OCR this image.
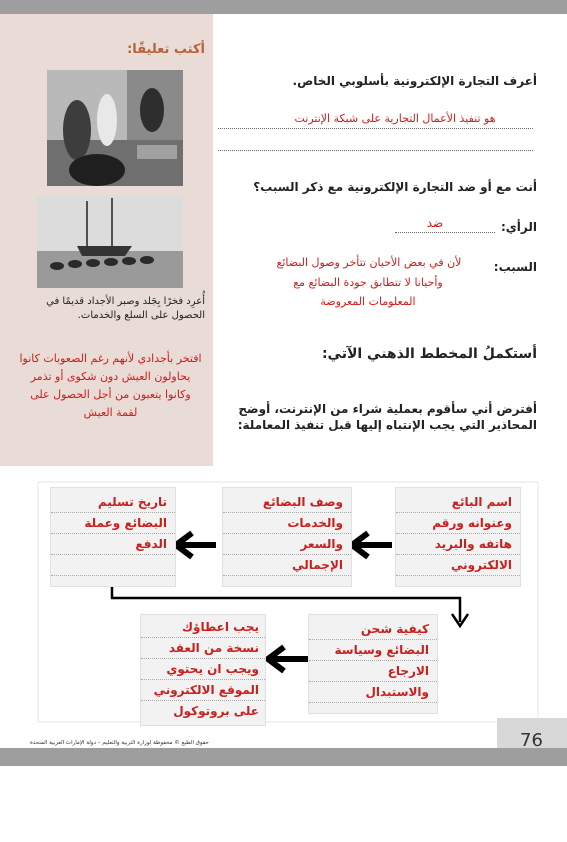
أكتب تعليقًا:
أُعرِد فخرًا بِجَلد وصبر الأجداد قديمًا في الحصول على السلع والخدمات.
افتخر بأجدادي لأنهم رغم الصعوبات كانوا يحاولون العيش دون شكوى أو تذمر وكانوا يتعبون من أجل الحصول على لقمة العيش
أعرف التجارة الإلكترونية بأسلوبي الخاص.
هو تنفيذ الأعمال التجارية على شبكة الإنترنت
أنت مع أو ضد التجارة الإلكترونية مع ذكر السبب؟
الرأي:
ضد
السبب:
لأن في بعض الأحيان تتأخر وصول البضائع
وأحيانا لا تتطابق جودة البضائع مع
المعلومات المعروضة
أستكملُ المخطط الذهني الآتي:
أفترض أني سأقوم بعملية شراء من الإنترنت، أوضح
المحاذير التي يجب الإنتباه إليها قبل تنفيذ المعاملة:
اسم البائع
وعنوانه ورقم
هاتفه والبريد
الالكتروني
وصف البضائع
والخدمات
والسعر
الإجمالي
تاريخ تسليم
البضائع وعملة
الدفع
كيفية شحن
البضائع وسياسة
الارجاع
والاستبدال
يجب اعطاؤك
نسخة من العقد
ويجب ان يحتوي
الموقع الالكتروني
على بروتوكول
76
حقوق الطبع © محفوظة لوزارة التربية والتعليم – دولة الإمارات العربية المتحدة
